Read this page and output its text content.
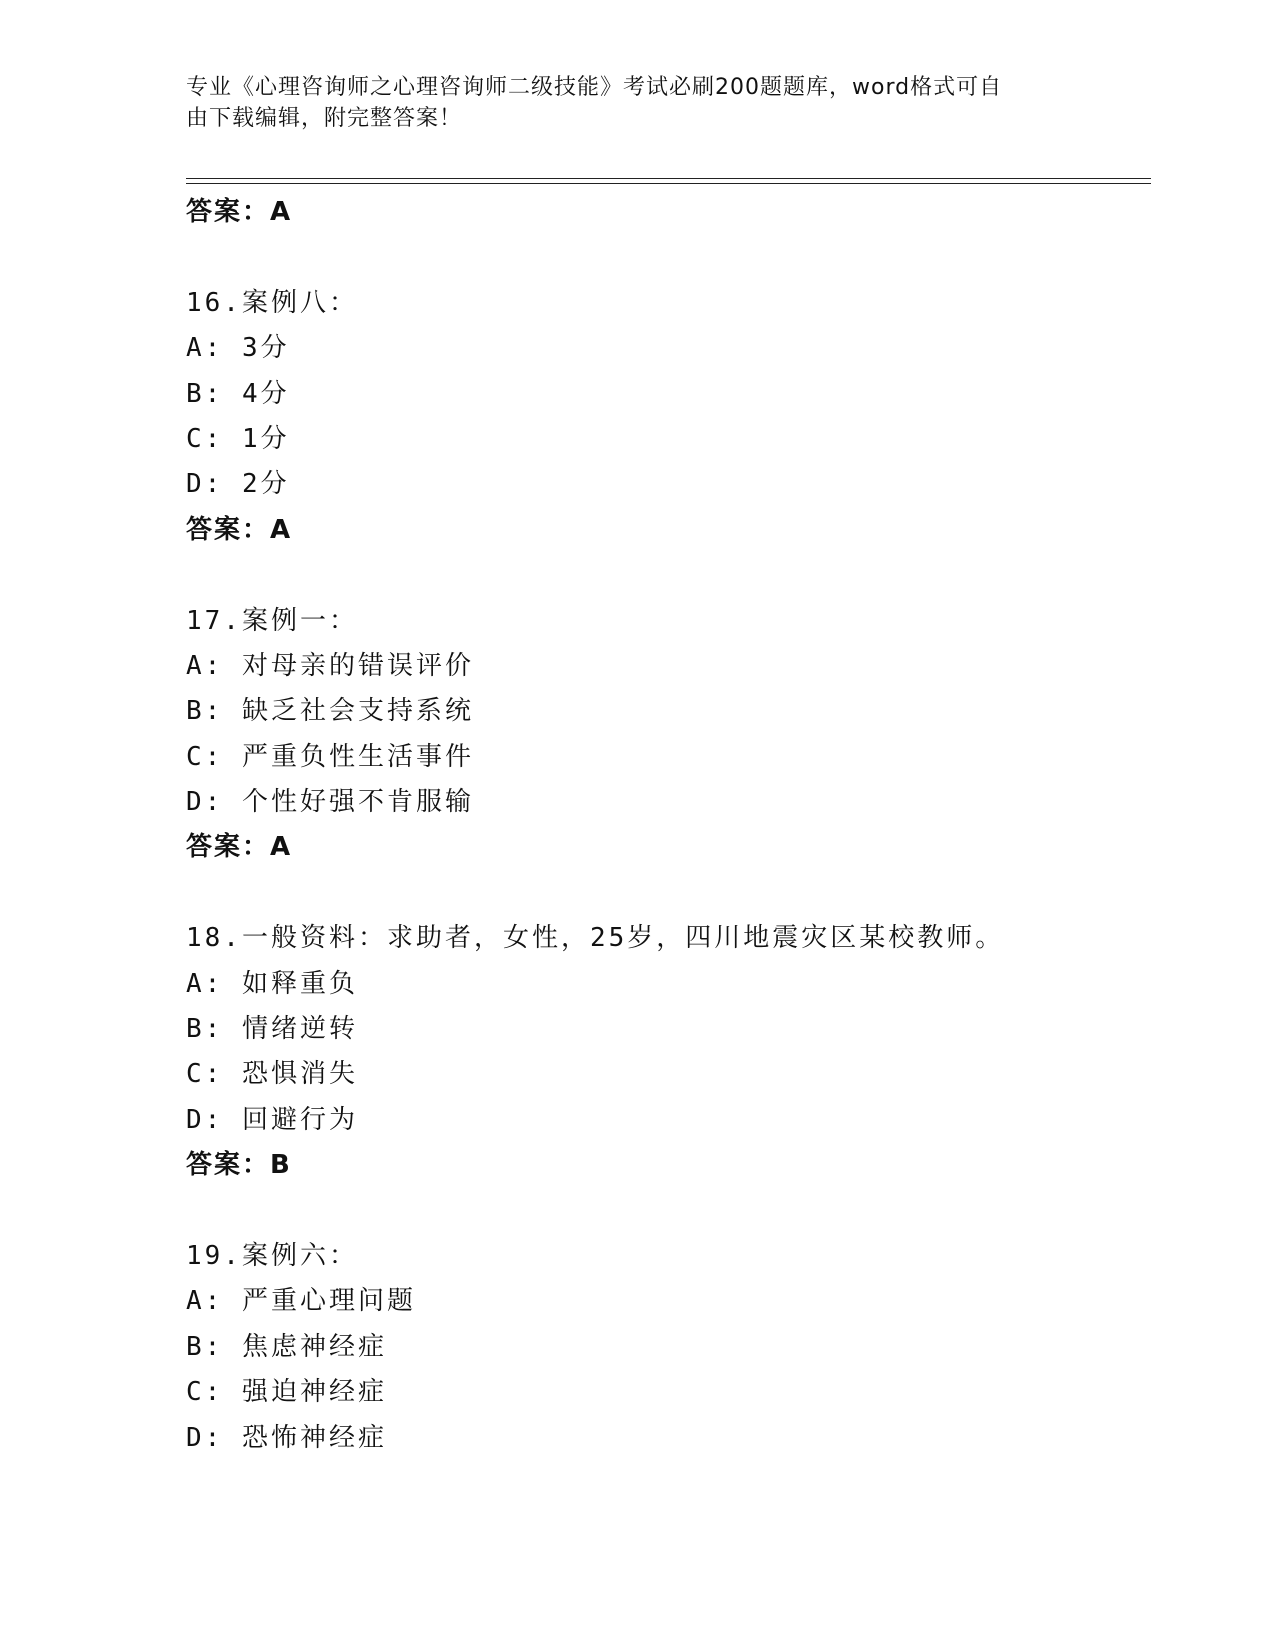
专业《心理咨询师之心理咨询师二级技能》考试必刷200题题库，word格式可自
由下载编辑，附完整答案！
答案：A
16.案例八：
A: 3分
B: 4分
C: 1分
D: 2分
答案：A
17.案例一：
A: 对母亲的错误评价
B: 缺乏社会支持系统
C: 严重负性生活事件
D: 个性好强不肯服输
答案：A
18.一般资料：求助者，女性，25岁，四川地震灾区某校教师。
A: 如释重负
B: 情绪逆转
C: 恐惧消失
D: 回避行为
答案：B
19.案例六：
A: 严重心理问题
B: 焦虑神经症
C: 强迫神经症
D: 恐怖神经症
